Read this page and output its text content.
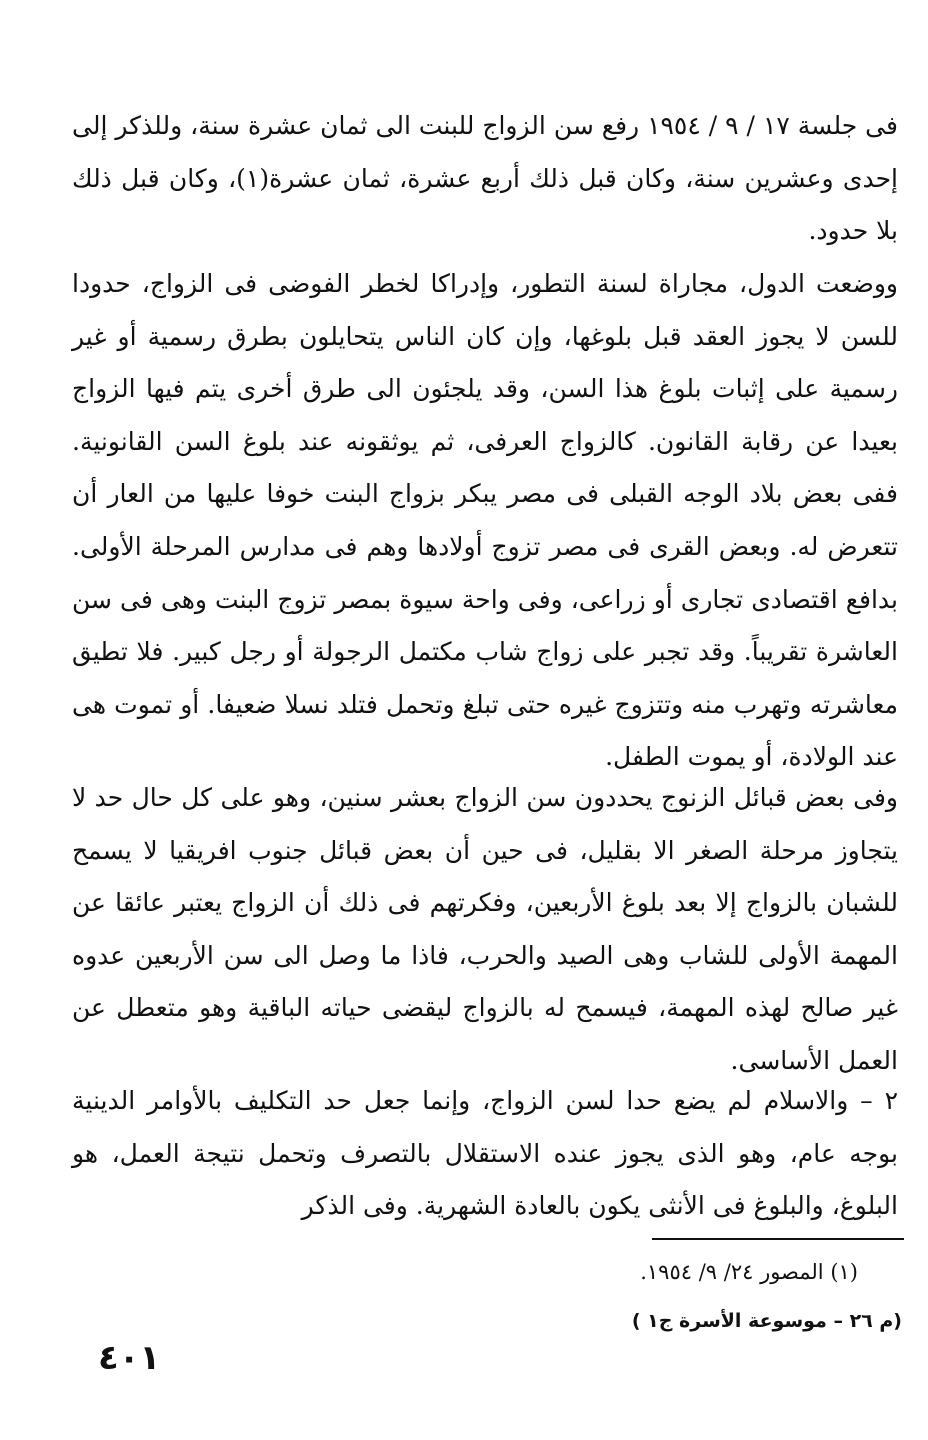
فى جلسة ١٧ / ٩ / ١٩٥٤ رفع سن الزواج للبنت الى ثمان عشرة سنة، وللذكر إلى إحدى وعشرين سنة، وكان قبل ذلك أربع عشرة، ثمان عشرة(١)، وكان قبل ذلك بلا حدود.

ووضعت الدول، مجاراة لسنة التطور، وإدراكا لخطر الفوضى فى الزواج، حدودا للسن لا يجوز العقد قبل بلوغها، وإن كان الناس يتحايلون بطرق رسمية أو غير رسمية على إثبات بلوغ هذا السن، وقد يلجئون الى طرق أخرى يتم فيها الزواج بعيدا عن رقابة القانون. كالزواج العرفى، ثم يوثقونه عند بلوغ السن القانونية. ففى بعض بلاد الوجه القبلى فى مصر يبكر بزواج البنت خوفا عليها من العار أن تتعرض له. وبعض القرى فى مصر تزوج أولادها وهم فى مدارس المرحلة الأولى. بدافع اقتصادى تجارى أو زراعى، وفى واحة سيوة بمصر تزوج البنت وهى فى سن العاشرة تقريباً. وقد تجبر على زواج شاب مكتمل الرجولة أو رجل كبير. فلا تطيق معاشرته وتهرب منه وتتزوج غيره حتى تبلغ وتحمل فتلد نسلا ضعيفا. أو تموت هى عند الولادة، أو يموت الطفل.

وفى بعض قبائل الزنوج يحددون سن الزواج بعشر سنين، وهو على كل حال حد لا يتجاوز مرحلة الصغر الا بقليل، فى حين أن بعض قبائل جنوب افريقيا لا يسمح للشبان بالزواج إلا بعد بلوغ الأربعين، وفكرتهم فى ذلك أن الزواج يعتبر عائقا عن المهمة الأولى للشاب وهى الصيد والحرب، فاذا ما وصل الى سن الأربعين عدوه غير صالح لهذه المهمة، فيسمح له بالزواج ليقضى حياته الباقية وهو متعطل عن العمل الأساسى.

٢ – والاسلام لم يضع حدا لسن الزواج، وإنما جعل حد التكليف بالأوامر الدينية بوجه عام، وهو الذى يجوز عنده الاستقلال بالتصرف وتحمل نتيجة العمل، هو البلوغ، والبلوغ فى الأنثى يكون بالعادة الشهرية. وفى الذكر

(١) المصور ٢٤/ ٩/ ١٩٥٤.
(م ٢٦ – موسوعة الأسرة ج١ )
٤٠١
